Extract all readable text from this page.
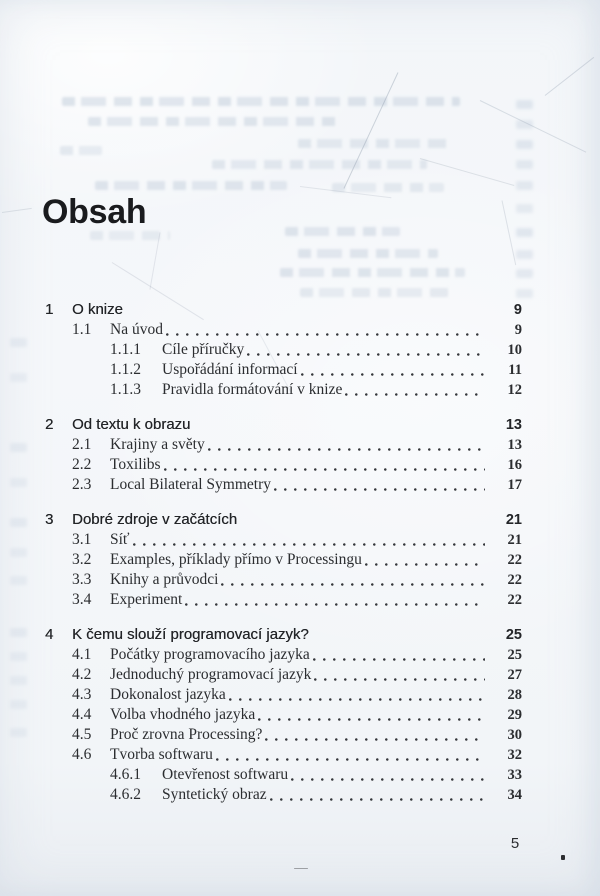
Obsah
1	O knize	9
1.1	Na úvod	9
1.1.1	Cíle příručky	10
1.1.2	Uspořádání informací	11
1.1.3	Pravidla formátování v knize	12
2	Od textu k obrazu	13
2.1	Krajiny a světy	13
2.2	Toxilibs	16
2.3	Local Bilateral Symmetry	17
3	Dobré zdroje v začátcích	21
3.1	Síť	21
3.2	Examples, příklady přímo v Processingu	22
3.3	Knihy a průvodci	22
3.4	Experiment	22
4	K čemu slouží programovací jazyk?	25
4.1	Počátky programovacího jazyka	25
4.2	Jednoduchý programovací jazyk	27
4.3	Dokonalost jazyka	28
4.4	Volba vhodného jazyka	29
4.5	Proč zrovna Processing?	30
4.6	Tvorba softwaru	32
4.6.1	Otevřenost softwaru	33
4.6.2	Syntetický obraz	34
5
